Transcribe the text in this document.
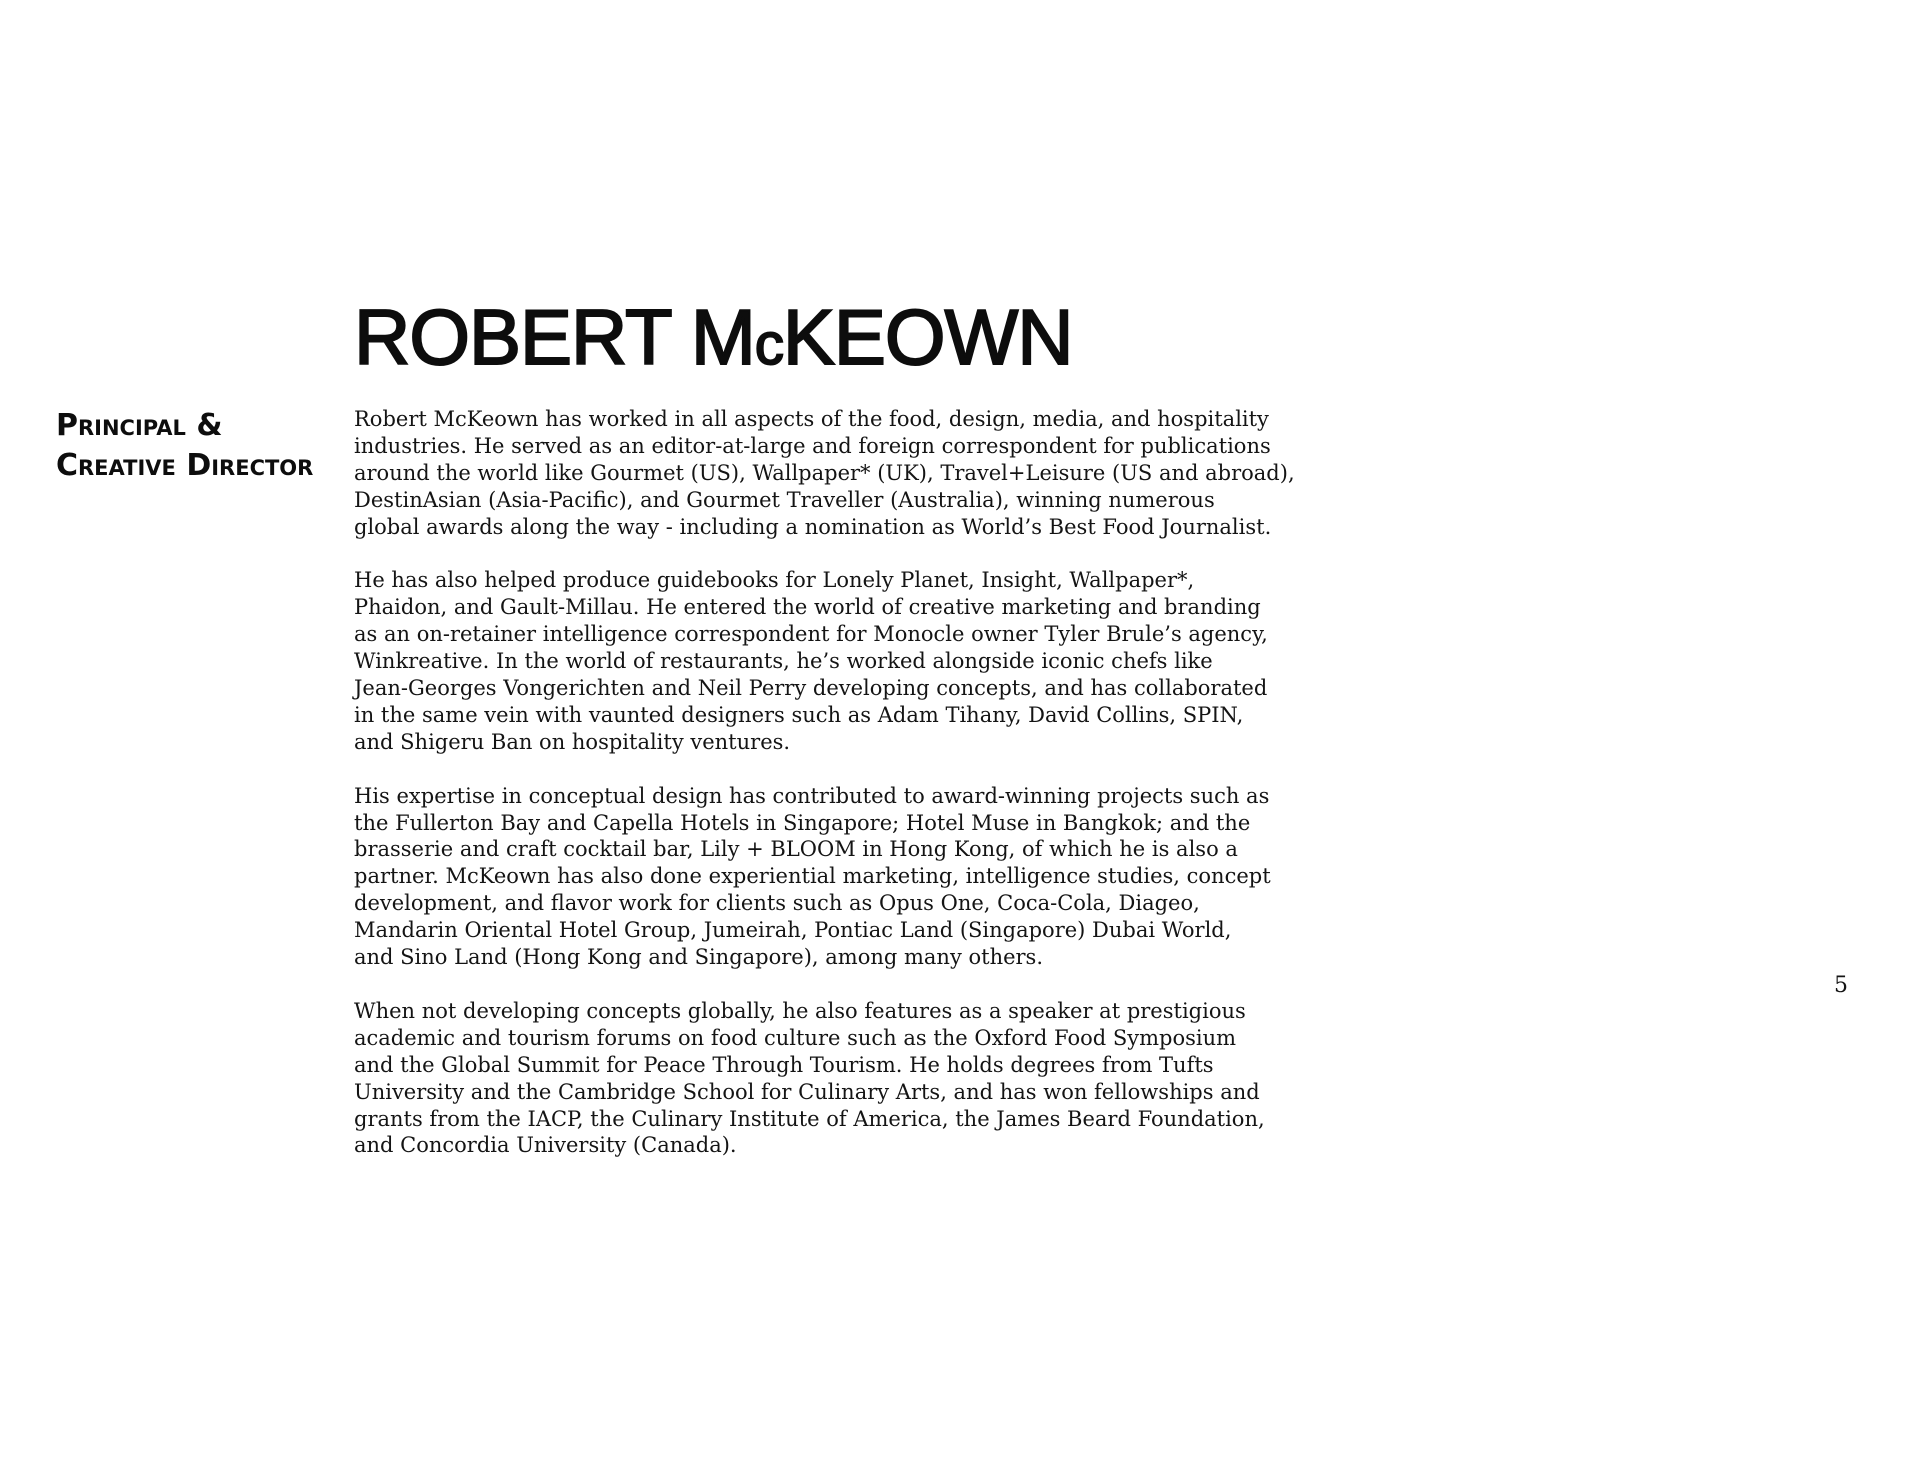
ROBERT McKEOWN
Principal &
Creative Director

Robert McKeown has worked in all aspects of the food, design, media, and hospitality
industries. He served as an editor-at-large and foreign correspondent for publications
around the world like Gourmet (US), Wallpaper* (UK), Travel+Leisure (US and abroad),
DestinAsian (Asia-Pacific), and Gourmet Traveller (Australia), winning numerous
global awards along the way - including a nomination as World’s Best Food Journalist.

He has also helped produce guidebooks for Lonely Planet, Insight, Wallpaper*,
Phaidon, and Gault-Millau. He entered the world of creative marketing and branding
as an on-retainer intelligence correspondent for Monocle owner Tyler Brule’s agency,
Winkreative. In the world of restaurants, he’s worked alongside iconic chefs like
Jean-Georges Vongerichten and Neil Perry developing concepts, and has collaborated
in the same vein with vaunted designers such as Adam Tihany, David Collins, SPIN,
and Shigeru Ban on hospitality ventures.

His expertise in conceptual design has contributed to award-winning projects such as
the Fullerton Bay and Capella Hotels in Singapore; Hotel Muse in Bangkok; and the
brasserie and craft cocktail bar, Lily + BLOOM in Hong Kong, of which he is also a
partner. McKeown has also done experiential marketing, intelligence studies, concept
development, and flavor work for clients such as Opus One, Coca-Cola, Diageo,
Mandarin Oriental Hotel Group, Jumeirah, Pontiac Land (Singapore) Dubai World,
and Sino Land (Hong Kong and Singapore), among many others.

When not developing concepts globally, he also features as a speaker at prestigious
academic and tourism forums on food culture such as the Oxford Food Symposium
and the Global Summit for Peace Through Tourism. He holds degrees from Tufts
University and the Cambridge School for Culinary Arts, and has won fellowships and
grants from the IACP, the Culinary Institute of America, the James Beard Foundation,
and Concordia University (Canada).

5
